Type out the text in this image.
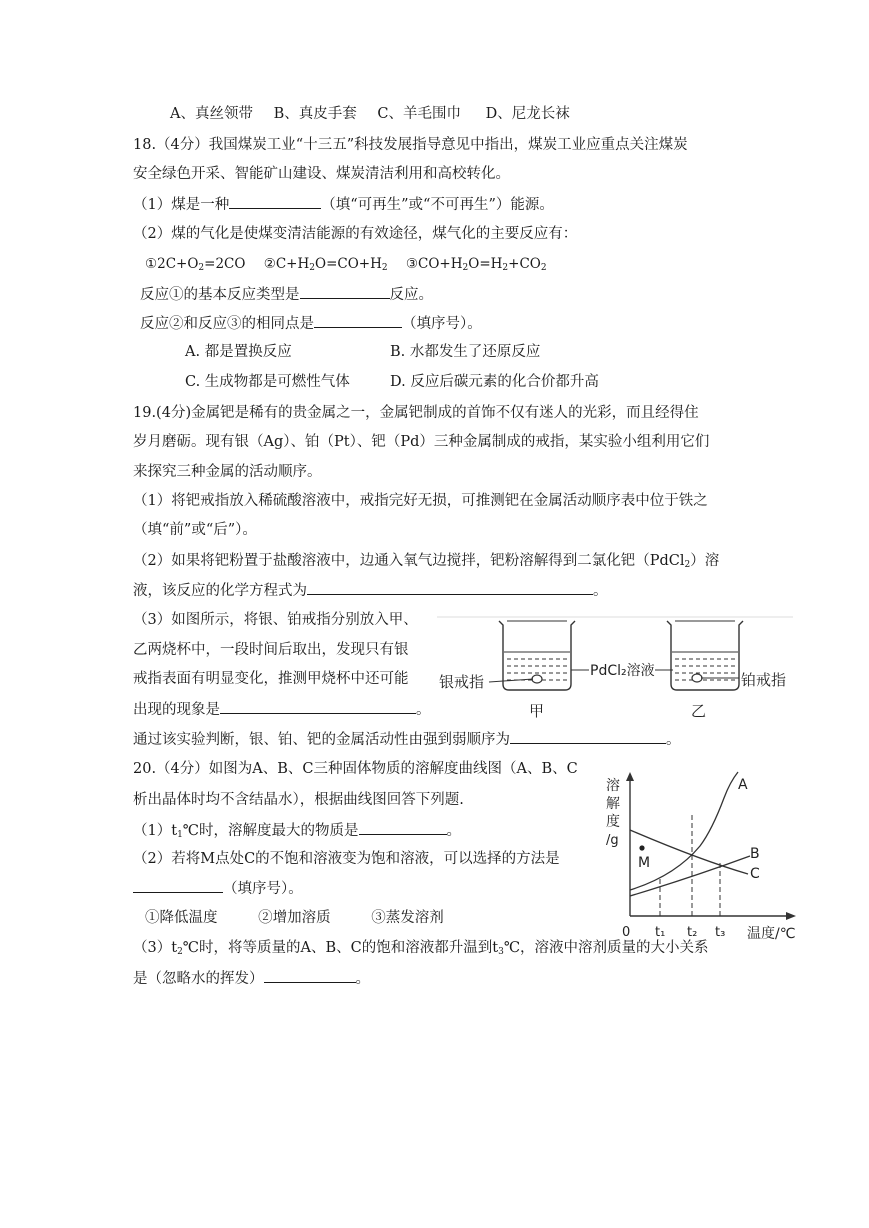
A、真丝领带 B、真皮手套 C、羊毛围巾 D、尼龙长袜
18.（4分）我国煤炭工业“十三五”科技发展指导意见中指出，煤炭工业应重点关注煤炭
安全绿色开采、智能矿山建设、煤炭清洁利用和高校转化。
（1）煤是一种	（填“可再生”或“不可再生”）能源。
（2）煤的气化是使煤变清洁能源的有效途径，煤气化的主要反应有：
$①2C+O_2=2CO$ $②C+H_2O=CO+H_2$ $③CO+H_2O=H_2+CO_2$
反应①的基本反应类型是	反应。
反应②和反应③的相同点是	（填序号）。
A. 都是置换反应	B. 水都发生了还原反应
C. 生成物都是可燃性气体	D. 反应后碳元素的化合价都升高
19.(4分)金属钯是稀有的贵金属之一，金属钯制成的首饰不仅有迷人的光彩，而且经得住
岁月磨砺。现有银（Ag）、铂（Pt）、钯（Pd）三种金属制成的戒指，某实验小组利用它们
来探究三种金属的活动顺序。
（1）将钯戒指放入稀硫酸溶液中，戒指完好无损，可推测钯在金属活动顺序表中位于铁之
（填“前”或“后”）。
（2）如果将钯粉置于盐酸溶液中，边通入氧气边搅拌，钯粉溶解得到二氯化钯（PdCl$_2$）溶
液，该反应的化学方程式为	。
（3）如图所示，将银、铂戒指分别放入甲、
乙两烧杯中，一段时间后取出，发现只有银
戒指表面有明显变化，推测甲烧杯中还可能
出现的现象是	。
通过该实验判断，银、铂、钯的金属活动性由强到弱顺序为	。
银戒指
PdCl₂溶液	铂戒指
甲	乙
20.（4分）如图为A、B、C三种固体物质的溶解度曲线图（A、B、C
析出晶体时均不含结晶水），根据曲线图回答下列题.
$(1)t_1℃$时，溶解度最大的物质是	。
（2）若将M点处C的不饱和溶液变为饱和溶液，可以选择的方法是
（填序号）。
①降低温度	②增加溶质	③蒸发溶剂
$(3)t_2℃$时，将等质量的A、B、C的饱和溶液都升温到$t_3℃$，溶液中溶剂质量的大小关系
是（忽略水的挥发）	。
溶
解
度
/g
M
A
B
C
0 t₁ t₂ t₃ 温度/℃
